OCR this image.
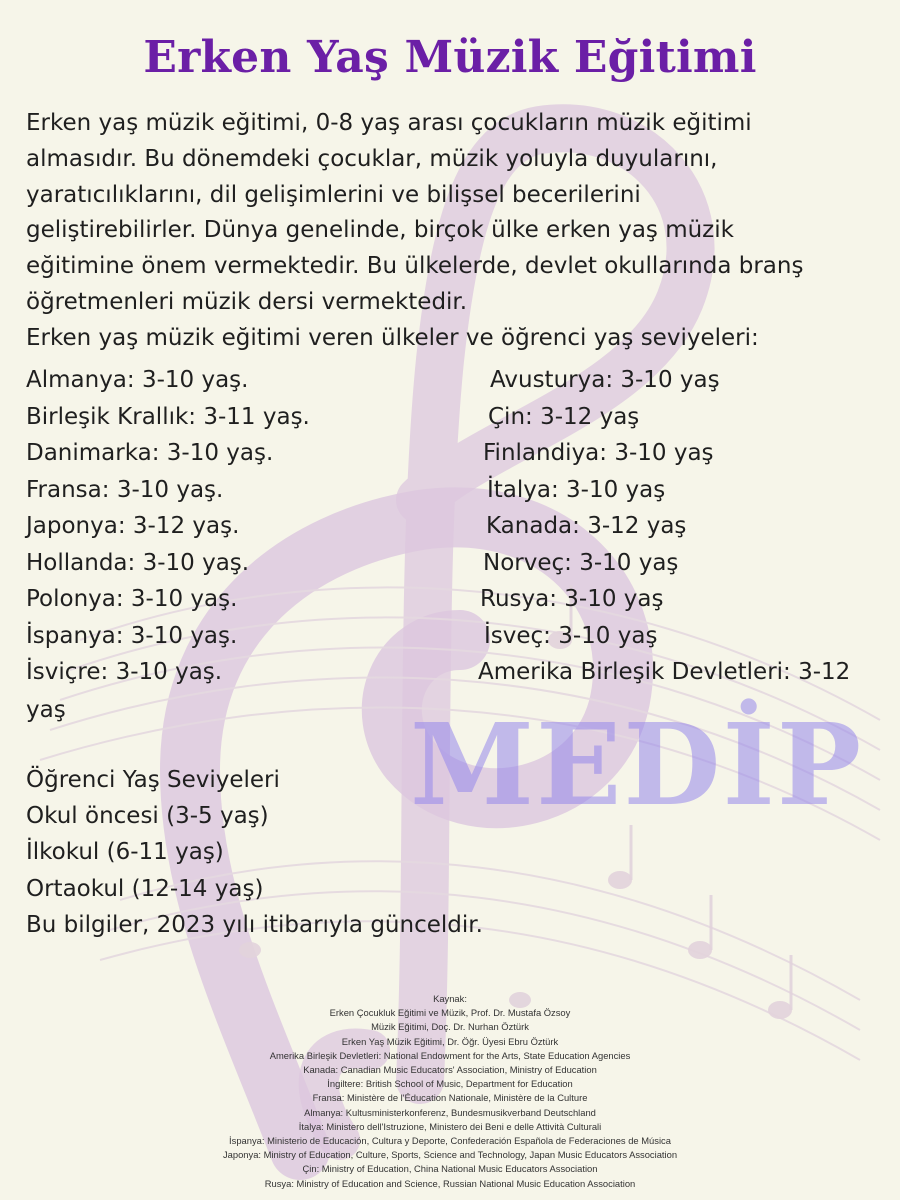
Erken Yaş Müzik Eğitimi
Erken yaş müzik eğitimi, 0-8 yaş arası çocukların müzik eğitimi
almasıdır. Bu dönemdeki çocuklar, müzik yoluyla duyularını,
yaratıcılıklarını, dil gelişimlerini ve bilişsel becerilerini
geliştirebilirler. Dünya genelinde, birçok ülke erken yaş müzik
eğitimine önem vermektedir. Bu ülkelerde, devlet okullarında branş
öğretmenleri müzik dersi vermektedir.
Erken yaş müzik eğitimi veren ülkeler ve öğrenci yaş seviyeleri:

Almanya: 3-10 yaş.

Birleşik Krallık: 3-11 yaş.

Danimarka: 3-10 yaş.

Fransa: 3-10 yaş.

Japonya: 3-12 yaş.

Hollanda: 3-10 yaş.

Polonya: 3-10 yaş.

İspanya: 3-10 yaş.

İsviçre: 3-10 yaş.

Avusturya: 3-10 yaş

Çin: 3-12 yaş

Finlandiya: 3-10 yaş

İtalya: 3-10 yaş

Kanada: 3-12 yaş

Norveç: 3-10 yaş

Rusya: 3-10 yaş

İsveç: 3-10 yaş

Amerika Birleşik Devletleri: 3-12

yaş	MEDİP

Öğrenci Yaş Seviyeleri

Okul öncesi (3-5 yaş)

İlkokul (6-11 yaş)

Ortaokul (12-14 yaş)

Bu bilgiler, 2023 yılı itibarıyla günceldir.

Kaynak:

Erken Çocukluk Eğitimi ve Müzik, Prof. Dr. Mustafa Özsoy

Müzik Eğitimi, Doç. Dr. Nurhan Öztürk

Erken Yaş Müzik Eğitimi, Dr. Öğr. Üyesi Ebru Öztürk

Amerika Birleşik Devletleri: National Endowment for the Arts, State Education Agencies

Kanada: Canadian Music Educators' Association, Ministry of Education

İngiltere: British School of Music, Department for Education

Fransa: Ministère de l'Éducation Nationale, Ministère de la Culture

Almanya: Kultusministerkonferenz, Bundesmusikverband Deutschland

İtalya: Ministero dell'Istruzione, Ministero dei Beni e delle Attività Culturali

İspanya: Ministerio de Educación, Cultura y Deporte, Confederación Española de Federaciones de Música

Japonya: Ministry of Education, Culture, Sports, Science and Technology, Japan Music Educators Association

Çin: Ministry of Education, China National Music Educators Association

Rusya: Ministry of Education and Science, Russian National Music Education Association
